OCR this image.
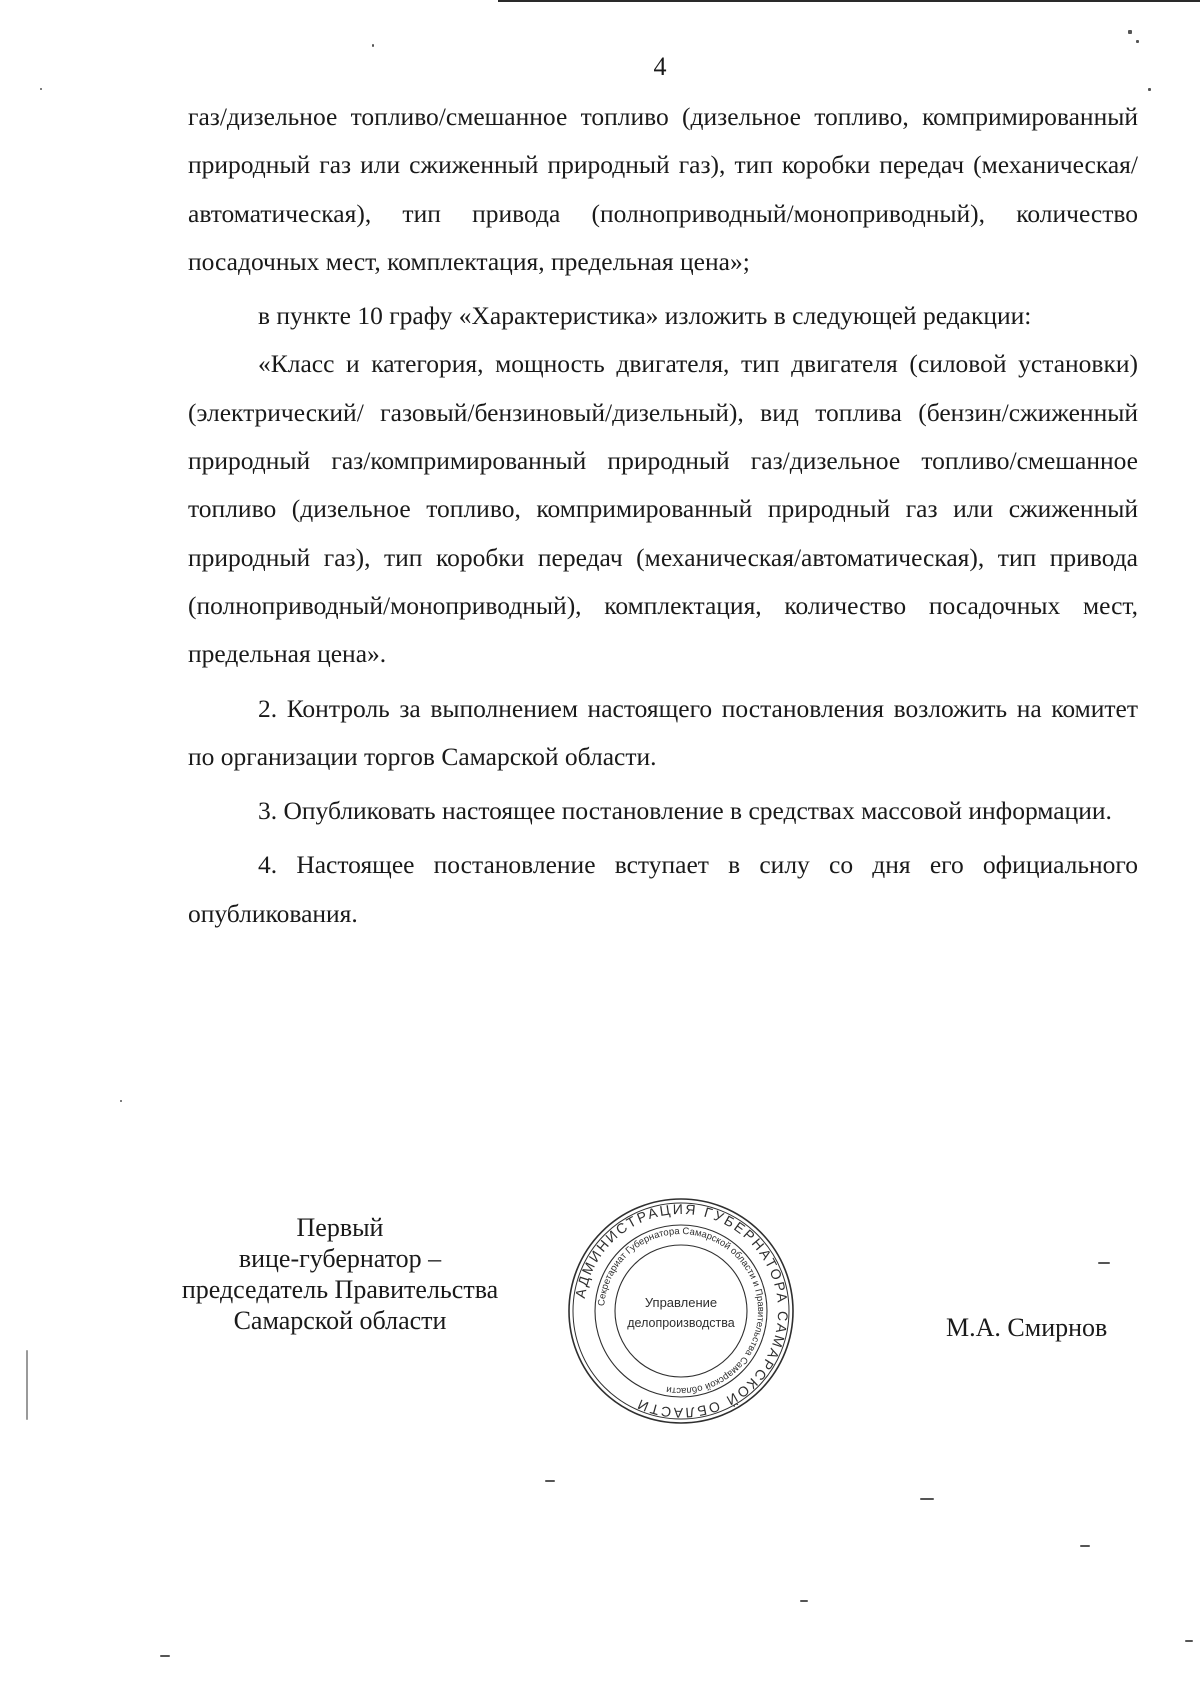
4

газ/дизельное топливо/смешанное топливо (дизельное топливо, компримированный природный газ или сжиженный природный газ), тип коробки передач (механическая/автоматическая), тип привода (полноприводный/моноприводный), количество посадочных мест, комплектация, предельная цена»;

в пункте 10 графу «Характеристика» изложить в следующей редакции:

«Класс и категория, мощность двигателя, тип двигателя (силовой установки) (электрический/ газовый/бензиновый/дизельный), вид топлива (бензин/сжиженный природный газ/компримированный природный газ/дизельное топливо/смешанное топливо (дизельное топливо, компримированный природный газ или сжиженный природный газ), тип коробки передач (механическая/автоматическая), тип привода (полноприводный/моноприводный), комплектация, количество посадочных мест, предельная цена».

2. Контроль за выполнением настоящего постановления возложить на комитет по организации торгов Самарской области.

3. Опубликовать настоящее постановление в средствах массовой информации.

4. Настоящее постановление вступает в силу со дня его официального опубликования.

Первый
вице-губернатор –
председатель Правительства
Самарской области
АДМИНИСТРАЦИЯ ГУБЕРНАТОРА САМАРСКОЙ ОБЛАСТИ
Секретариат Губернатора Самарской области и Правительства Самарской области
Управление
делопроизводства	М.А. Смирнов
